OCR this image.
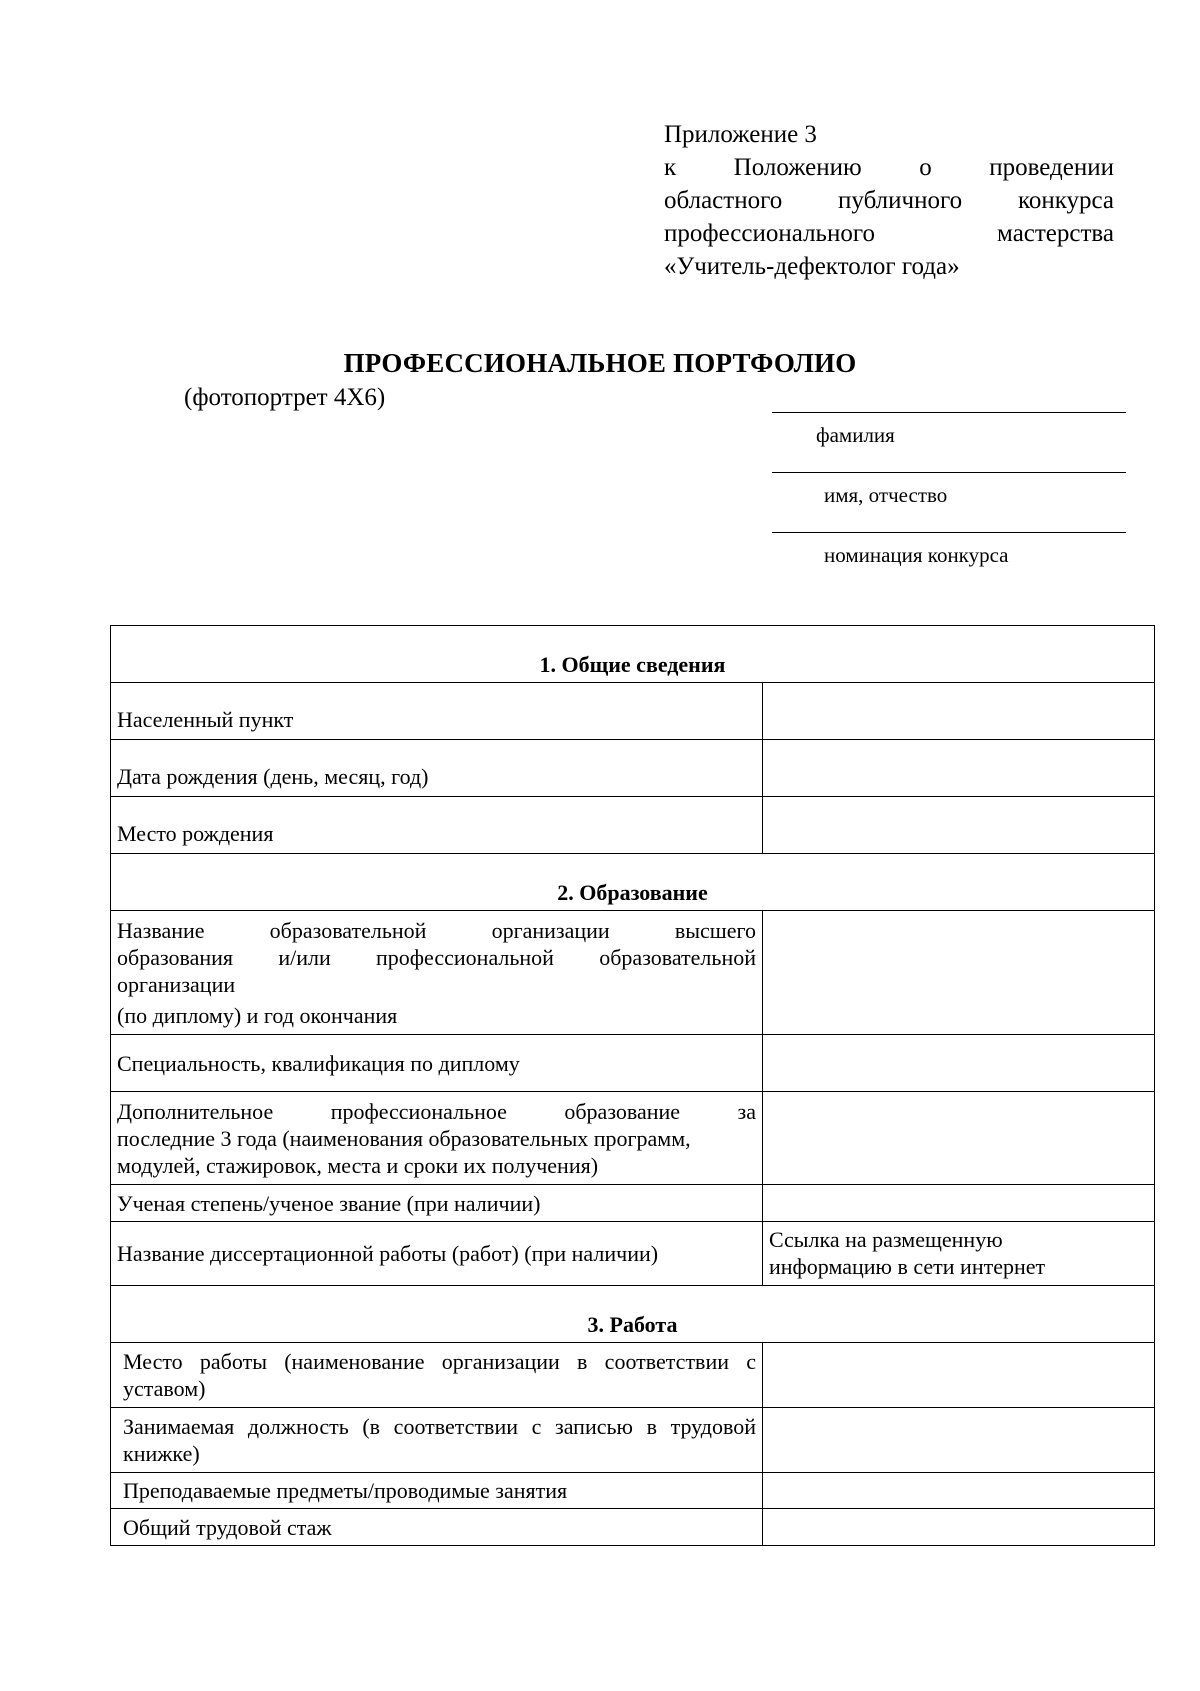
Приложение 3
к Положению о проведении
областного публичного конкурса
профессионального мастерства
«Учитель-дефектолог года»
ПРОФЕССИОНАЛЬНОЕ ПОРТФОЛИО
(фотопортрет 4Х6)
фамилия
имя, отчество
номинация конкурса
1. Общие сведения	
Населенный пункт	
Дата рождения (день, месяц, год)	
Место рождения	
2. Образование	

Название образовательной организации высшего
образования и/или профессиональной образовательной
организации
(по диплому) и год окончания	

Специальность, квалификация по диплому	

Дополнительное профессиональное образование за
последние 3 года (наименования образовательных программ,
модулей, стажировок, места и сроки их получения)	

Ученая степень/ученое звание (при наличии)	
Название диссертационной работы (работ) (при наличии)	Ссылка на размещенную
информацию в сети интернет

3. Работа	

Место работы (наименование организации в соответствии с
уставом)	

Занимаемая должность (в соответствии с записью в трудовой
книжке)	

Преподаваемые предметы/проводимые занятия	
Общий трудовой стаж	
